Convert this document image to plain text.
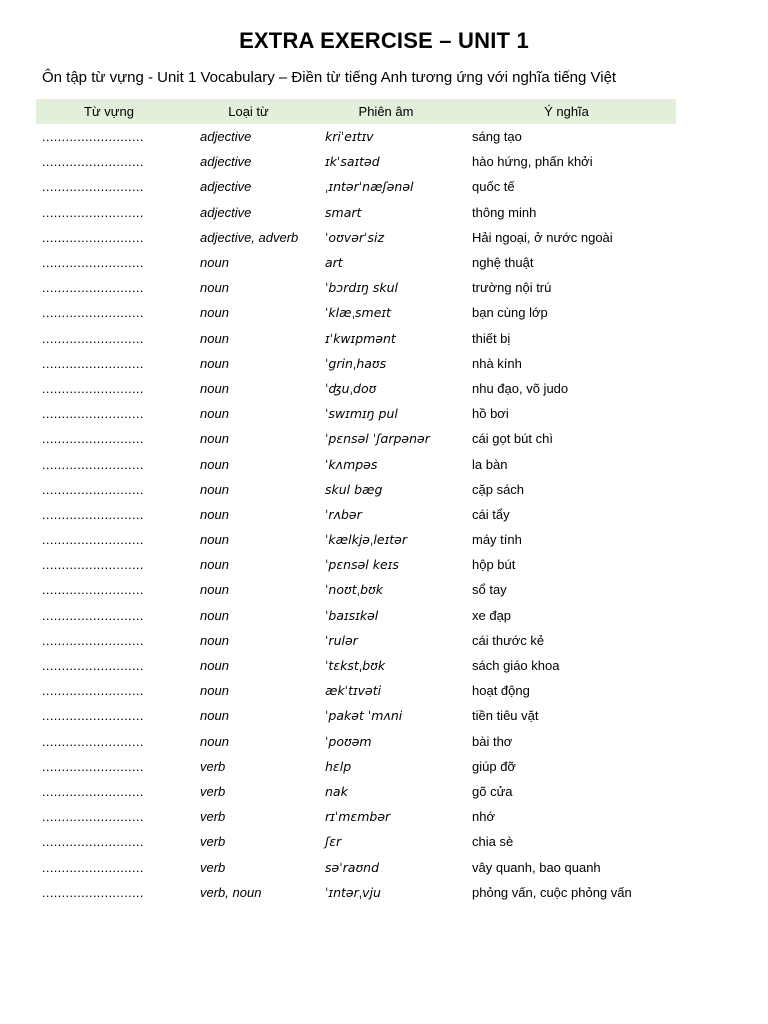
EXTRA EXERCISE – UNIT 1
Ôn tập từ vựng - Unit 1 Vocabulary – Điền từ tiếng Anh tương ứng với nghĩa tiếng Việt
Từ vựng	Loại từ	Phiên âm	Ý nghĩa
..........................	adjective	kriˈeɪtɪv	sáng tạo
..........................	adjective	ɪkˈsaɪtəd	hào hứng, phấn khởi
..........................	adjective	ˌɪntərˈnæʃənəl	quốc tế
..........................	adjective	smart	thông minh
..........................	adjective, adverb	ˈoʊvərˈsiz	Hải ngoại, ở nước ngoài
..........................	noun	art	nghệ thuật
..........................	noun	ˈbɔrdɪŋ skul	trường nội trú
..........................	noun	ˈklæˌsmeɪt	bạn cùng lớp
..........................	noun	ɪˈkwɪpmənt	thiết bị
..........................	noun	ˈgrinˌhaʊs	nhà kính
..........................	noun	ˈʤuˌdoʊ	nhu đạo, võ judo
..........................	noun	ˈswɪmɪŋ pul	hồ bơi
..........................	noun	ˈpɛnsəl ˈʃɑrpənər	cái gọt bút chì
..........................	noun	ˈkʌmpəs	la bàn
..........................	noun	skul bæg	cặp sách
..........................	noun	ˈrʌbər	cái tẩy
..........................	noun	ˈkælkjəˌleɪtər	máy tính
..........................	noun	ˈpɛnsəl keɪs	hộp bút
..........................	noun	ˈnoʊtˌbʊk	sổ tay
..........................	noun	ˈbaɪsɪkəl	xe đạp
..........................	noun	ˈrulər	cái thước kẻ
..........................	noun	ˈtɛkstˌbʊk	sách giáo khoa
..........................	noun	ækˈtɪvəti	hoạt động
..........................	noun	ˈpakət ˈmʌni	tiền tiêu vặt
..........................	noun	ˈpoʊəm	bài thơ
..........................	verb	hɛlp	giúp đỡ
..........................	verb	nak	gõ cửa
..........................	verb	rɪˈmɛmbər	nhớ
..........................	verb	ʃɛr	chia sè
..........................	verb	səˈraʊnd	vây quanh, bao quanh
..........................	verb, noun	ˈɪntərˌvju	phỏng vấn, cuộc phỏng vấn
